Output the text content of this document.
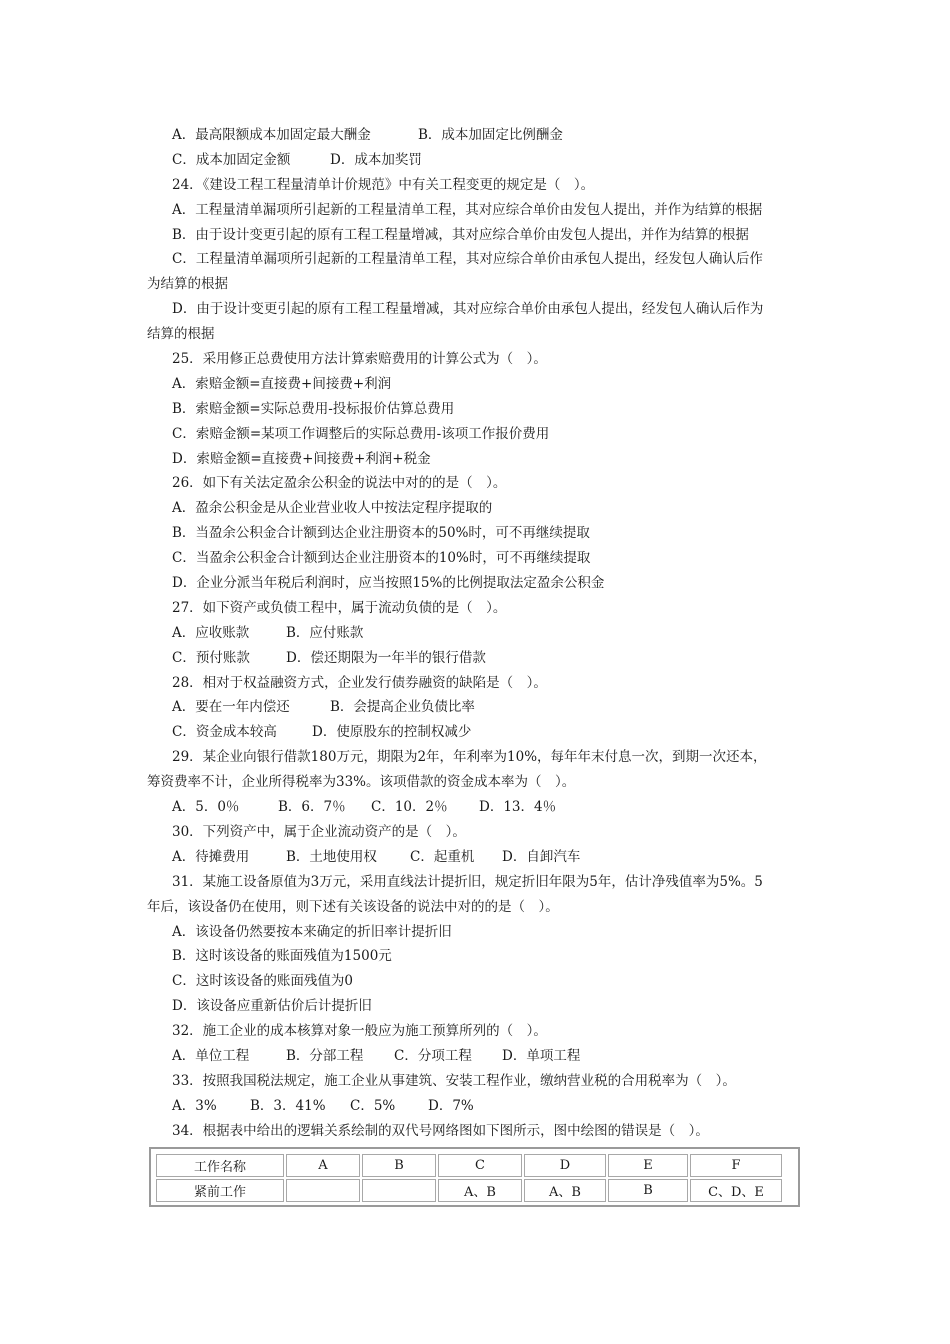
A．最高限额成本加固定最大酬金	B．成本加固定比例酬金
C．成本加固定金额	D．成本加奖罚
24．《建设工程工程量清单计价规范》中有关工程变更的规定是（　）。
A．工程量清单漏项所引起新的工程量清单工程，其对应综合单价由发包人提出，并作为结算的根据
B．由于设计变更引起的原有工程工程量增减，其对应综合单价由发包人提出，并作为结算的根据
C．工程量清单漏项所引起新的工程量清单工程，其对应综合单价由承包人提出，经发包人确认后作
为结算的根据
D．由于设计变更引起的原有工程工程量增减，其对应综合单价由承包人提出，经发包人确认后作为
结算的根据
25．采用修正总费使用方法计算索赔费用的计算公式为（　）。
A．索赔金额=直接费+间接费+利润
B．索赔金额=实际总费用-投标报价估算总费用
C．索赔金额=某项工作调整后的实际总费用-该项工作报价费用
D．索赔金额=直接费+间接费+利润+税金
26．如下有关法定盈余公积金的说法中对的的是（　）。
A．盈余公积金是从企业营业收人中按法定程序提取的
B．当盈余公积金合计额到达企业注册资本的50%时，可不再继续提取
C．当盈余公积金合计额到达企业注册资本的10%时，可不再继续提取
D．企业分派当年税后利润时，应当按照15%的比例提取法定盈余公积金
27．如下资产或负债工程中，属于流动负债的是（　）。
A．应收账款	B．应付账款
C．预付账款	D．偿还期限为一年半的银行借款
28．相对于权益融资方式，企业发行债券融资的缺陷是（　）。
A．要在一年内偿还	B．会提高企业负债比率
C．资金成本较高	D．使原股东的控制权减少
29．某企业向银行借款180万元，期限为2年，年利率为10%，每年年末付息一次，到期一次还本，
筹资费率不计，企业所得税率为33%。该项借款的资金成本率为（　）。
A．5．0％	B．6．7％ C．10．2％ D．13．4％
30．下列资产中，属于企业流动资产的是（　）。
A．待摊费用	B．土地使用权 C．起重机 D．自卸汽车
31．某施工设备原值为3万元，采用直线法计提折旧，规定折旧年限为5年，估计净残值率为5%。5
年后，该设备仍在使用，则下述有关该设备的说法中对的的是（　）。
A．该设备仍然要按本来确定的折旧率计提折旧
B．这时该设备的账面残值为1500元
C．这时该设备的账面残值为0
D．该设备应重新估价后计提折旧
32．施工企业的成本核算对象一般应为施工预算所列的（　）。
A．单位工程	B．分部工程 C．分项工程 D．单项工程
33．按照我国税法规定，施工企业从事建筑、安装工程作业，缴纳营业税的合用税率为（　）。
A．3% B．3．41% C．5% D．7%
34．根据表中给出的逻辑关系绘制的双代号网络图如下图所示，图中绘图的错误是（　）。
工作名称	A	B	C	D	E	F
紧前工作			A、B	A、B	B	C、D、E
